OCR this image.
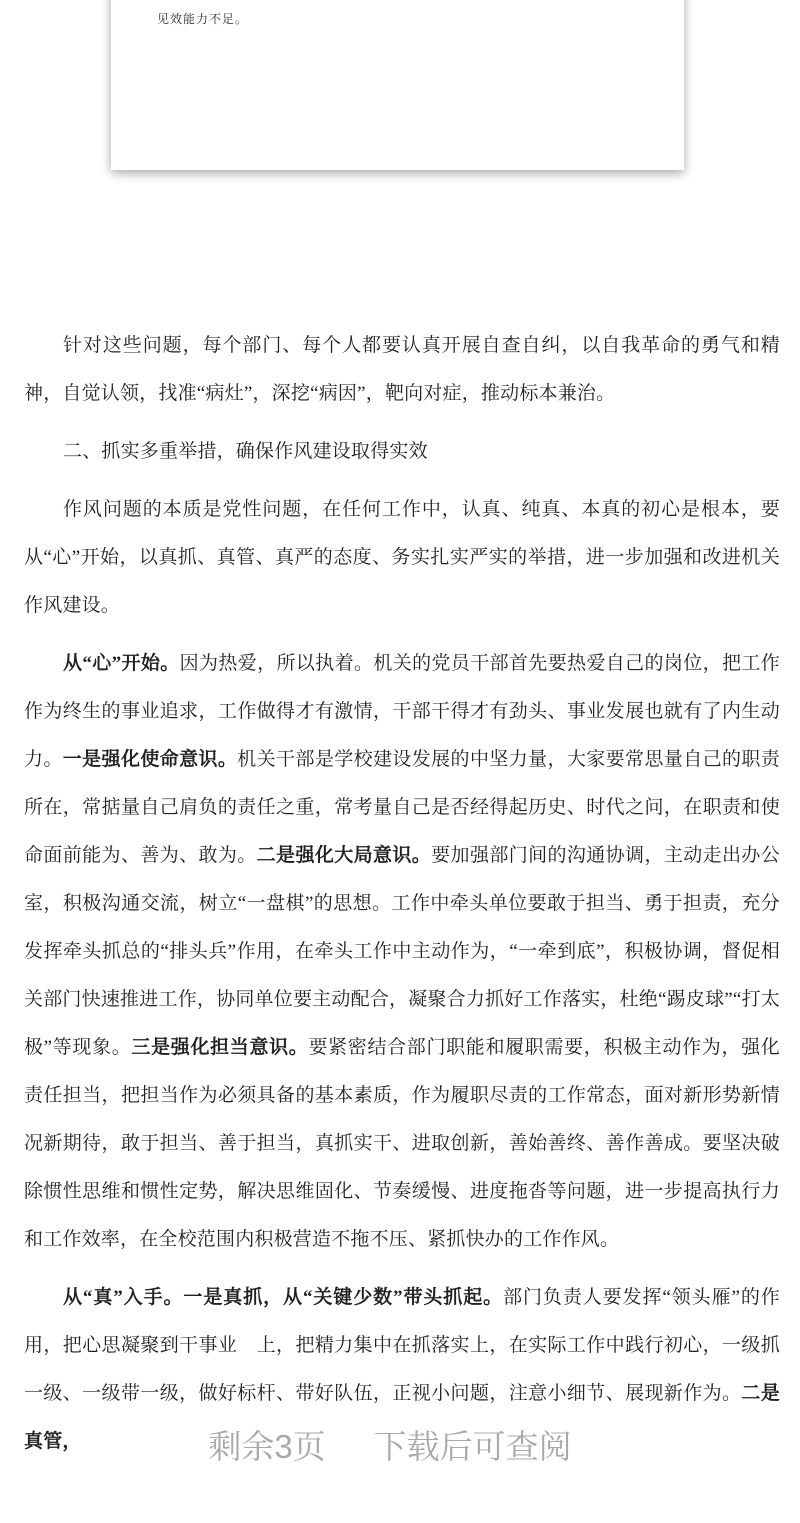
见效能力不足。

针对这些问题，每个部门、每个人都要认真开展自查自纠，以自我革命的勇气和精神，自觉认领，找准“病灶”，深挖“病因”，靶向对症，推动标本兼治。

二、抓实多重举措，确保作风建设取得实效

作风问题的本质是党性问题，在任何工作中，认真、纯真、本真的初心是根本，要从“心”开始，以真抓、真管、真严的态度、务实扎实严实的举措，进一步加强和改进机关作风建设。

从“心”开始。因为热爱，所以执着。机关的党员干部首先要热爱自己的岗位，把工作作为终生的事业追求，工作做得才有激情，干部干得才有劲头、事业发展也就有了内生动力。一是强化使命意识。机关干部是学校建设发展的中坚力量，大家要常思量自己的职责所在，常掂量自己肩负的责任之重，常考量自己是否经得起历史、时代之问，在职责和使命面前能为、善为、敢为。二是强化大局意识。要加强部门间的沟通协调，主动走出办公室，积极沟通交流，树立“一盘棋”的思想。工作中牵头单位要敢于担当、勇于担责，充分发挥牵头抓总的“排头兵”作用，在牵头工作中主动作为，“一牵到底”，积极协调，督促相关部门快速推进工作，协同单位要主动配合，凝聚合力抓好工作落实，杜绝“踢皮球”“打太极”等现象。三是强化担当意识。要紧密结合部门职能和履职需要，积极主动作为，强化责任担当，把担当作为必须具备的基本素质，作为履职尽责的工作常态，面对新形势新情况新期待，敢于担当、善于担当，真抓实干、进取创新，善始善终、善作善成。要坚决破除惯性思维和惯性定势，解决思维固化、节奏缓慢、进度拖沓等问题，进一步提高执行力和工作效率，在全校范围内积极营造不拖不压、紧抓快办的工作作风。

从“真”入手。一是真抓，从“关键少数”带头抓起。部门负责人要发挥“领头雁”的作用，把心思凝聚到干事业　上，把精力集中在抓落实上，在实际工作中践行初心，一级抓一级、一级带一级，做好标杆、带好队伍，正视小问题，注意小细节、展现新作为。二是真管，	剩余3页 下载后可查阅
